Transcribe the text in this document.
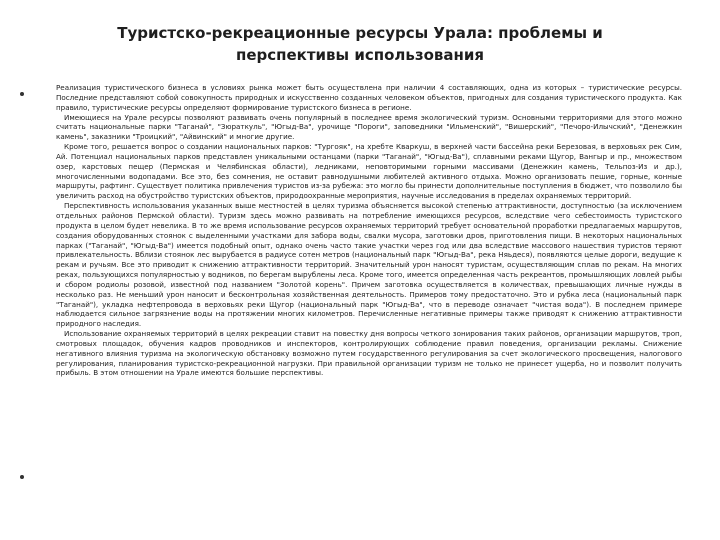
Туристско-рекреационные ресурсы Урала: проблемы и перспективы использования

Реализация туристического бизнеса в условиях рынка может быть осуществлена при наличии 4 составляющих, одна из которых – туристические ресурсы. Последние представляют собой совокупность природных и искусственно созданных человеком объектов, пригодных для создания туристического продукта. Как правило, туристические ресурсы определяют формирование туристского бизнеса в регионе.

Имеющиеся на Урале ресурсы позволяют развивать очень популярный в последнее время экологический туризм. Основными территориями для этого можно считать национальные парки "Таганай", "Зюраткуль", "Югыд-Ва", урочище "Пороги", заповедники "Ильменский", "Вишерский", "Печоро-Илычский", "Денежкин камень", заказники "Троицкий", "Айвинский" и многие другие.

Кроме того, решается вопрос о создании национальных парков: "Тургояк", на хребте Кваркуш, в верхней части бассейна реки Березовая, в верховьях рек Сим, Ай. Потенциал национальных парков представлен уникальными останцами (парки "Таганай", "Югыд-Ва"), сплавными реками Щугор, Вангыр и пр., множеством озер, карстовых пещер (Пермская и Челябинская области), ледниками, неповторимыми горными массивами (Денежкин камень, Тельпоз-Из и др.), многочисленными водопадами. Все это, без сомнения, не оставит равнодушными любителей активного отдыха. Можно организовать пешие, горные, конные маршруты, рафтинг. Существует политика привлечения туристов из-за рубежа: это могло бы принести дополнительные поступления в бюджет, что позволило бы увеличить расход на обустройство туристских объектов, природоохранные мероприятия, научные исследования в пределах охраняемых территорий.

Перспективность использования указанных выше местностей в целях туризма объясняется высокой степенью аттрактивности, доступностью (за исключением отдельных районов Пермской области). Туризм здесь можно развивать на потребление имеющихся ресурсов, вследствие чего себестоимость туристского продукта в целом будет невелика. В то же время использование ресурсов охраняемых территорий требует основательной проработки предлагаемых маршрутов, создания оборудованных стоянок с выделенными участками для забора воды, свалки мусора, заготовки дров, приготовления пищи. В некоторых национальных парках ("Таганай", "Югыд-Ва") имеется подобный опыт, однако очень часто такие участки через год или два вследствие массового нашествия туристов теряют привлекательность. Вблизи стоянок лес вырубается в радиусе сотен метров (национальный парк "Югыд-Ва", река Няьдеся), появляются целые дороги, ведущие к рекам и ручьям. Все это приводит к снижению аттрактивности территорий. Значительный урон наносят туристам, осуществляющим сплав по рекам. На многих реках, пользующихся популярностью у водников, по берегам вырублены леса. Кроме того, имеется определенная часть рекреантов, промышляющих ловлей рыбы и сбором родиолы розовой, известной под названием "Золотой корень". Причем заготовка осуществляется в количествах, превышающих личные нужды в несколько раз. Не меньший урон наносит и бесконтрольная хозяйственная деятельность. Примеров тому предостаточно. Это и рубка леса (национальный парк "Таганай"), укладка нефтепровода в верховьях реки Щугор (национальный парк "Югыд-Ва", что в переводе означает "чистая вода"). В последнем примере наблюдается сильное загрязнение воды на протяжении многих километров. Перечисленные негативные примеры также приводят к снижению аттрактивности природного наследия.

Использование охраняемых территорий в целях рекреации ставит на повестку дня вопросы четкого зонирования таких районов, организации маршрутов, троп, смотровых площадок, обучения кадров проводников и инспекторов, контролирующих соблюдение правил поведения, организации рекламы. Снижение негативного влияния туризма на экологическую обстановку возможно путем государственного регулирования за счет экологического просвещения, налогового регулирования, планирования туристско-рекреационной нагрузки. При правильной организации туризм не только не принесет ущерба, но и позволит получить прибыль. В этом отношении на Урале имеются большие перспективы.
